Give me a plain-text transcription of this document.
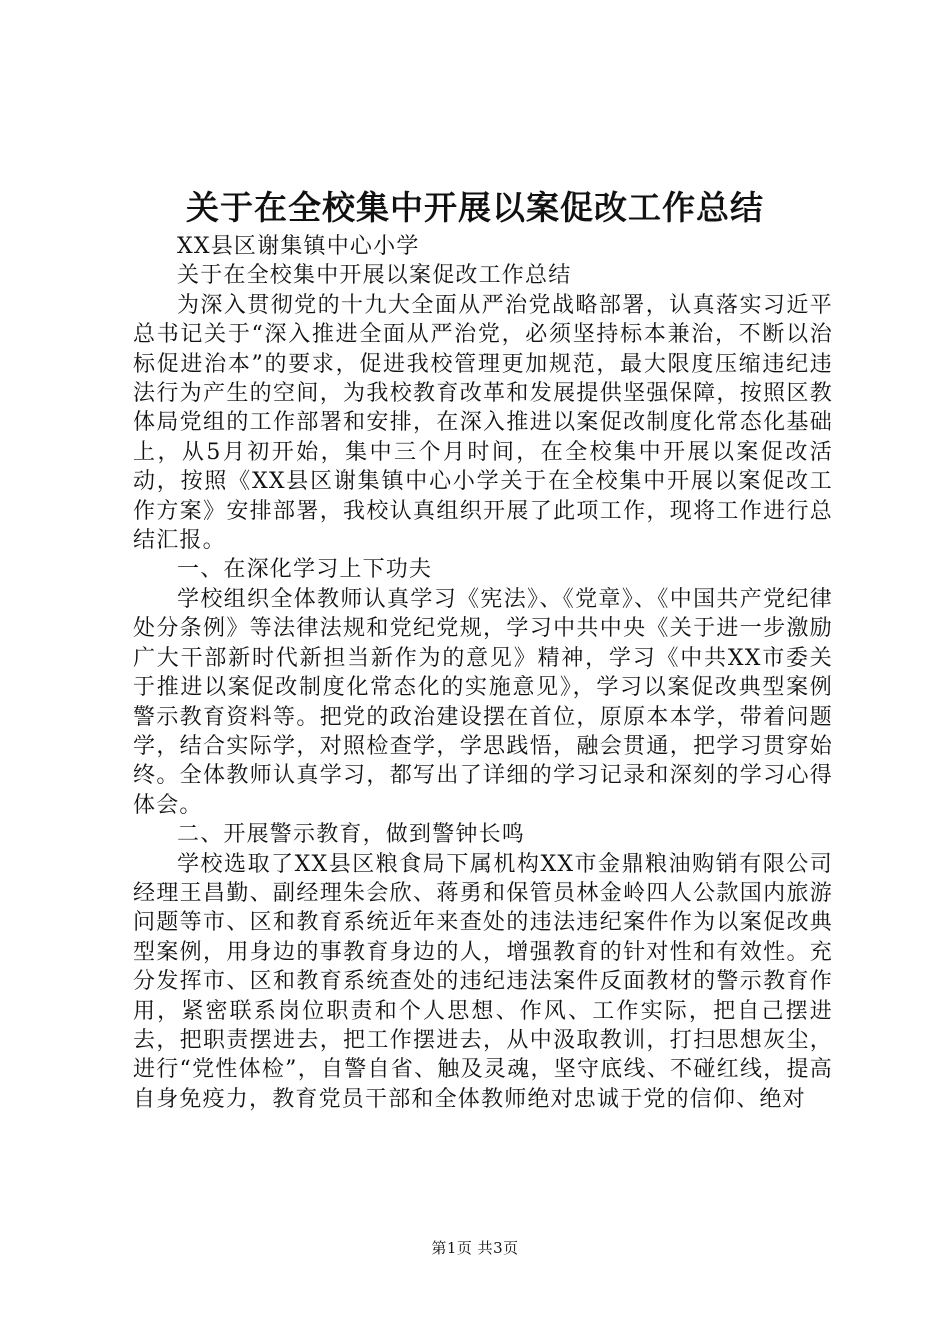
关于在全校集中开展以案促改工作总结

XX县区谢集镇中心小学

关于在全校集中开展以案促改工作总结

为深入贯彻党的十九大全面从严治党战略部署，认真落实习近平总书记关于“深入推进全面从严治党，必须坚持标本兼治，不断以治标促进治本”的要求，促进我校管理更加规范，最大限度压缩违纪违法行为产生的空间，为我校教育改革和发展提供坚强保障，按照区教体局党组的工作部署和安排，在深入推进以案促改制度化常态化基础上，从5月初开始，集中三个月时间，在全校集中开展以案促改活动，按照《XX县区谢集镇中心小学关于在全校集中开展以案促改工作方案》安排部署，我校认真组织开展了此项工作，现将工作进行总结汇报。

一、在深化学习上下功夫

学校组织全体教师认真学习《宪法》、《党章》、《中国共产党纪律处分条例》等法律法规和党纪党规，学习中共中央《关于进一步激励广大干部新时代新担当新作为的意见》精神，学习《中共XX市委关于推进以案促改制度化常态化的实施意见》，学习以案促改典型案例警示教育资料等。把党的政治建设摆在首位，原原本本学，带着问题学，结合实际学，对照检查学，学思践悟，融会贯通，把学习贯穿始终。全体教师认真学习，都写出了详细的学习记录和深刻的学习心得体会。

二、开展警示教育，做到警钟长鸣

学校选取了XX县区粮食局下属机构XX市金鼎粮油购销有限公司经理王昌勤、副经理朱会欣、蒋勇和保管员林金岭四人公款国内旅游问题等市、区和教育系统近年来查处的违法违纪案件作为以案促改典型案例，用身边的事教育身边的人，增强教育的针对性和有效性。充分发挥市、区和教育系统查处的违纪违法案件反面教材的警示教育作用，紧密联系岗位职责和个人思想、作风、工作实际，把自己摆进去，把职责摆进去，把工作摆进去，从中汲取教训，打扫思想灰尘，进行“党性体检”，自警自省、触及灵魂，坚守底线、不碰红线，提高自身免疫力，教育党员干部和全体教师绝对忠诚于党的信仰、绝对

第1页 共3页
